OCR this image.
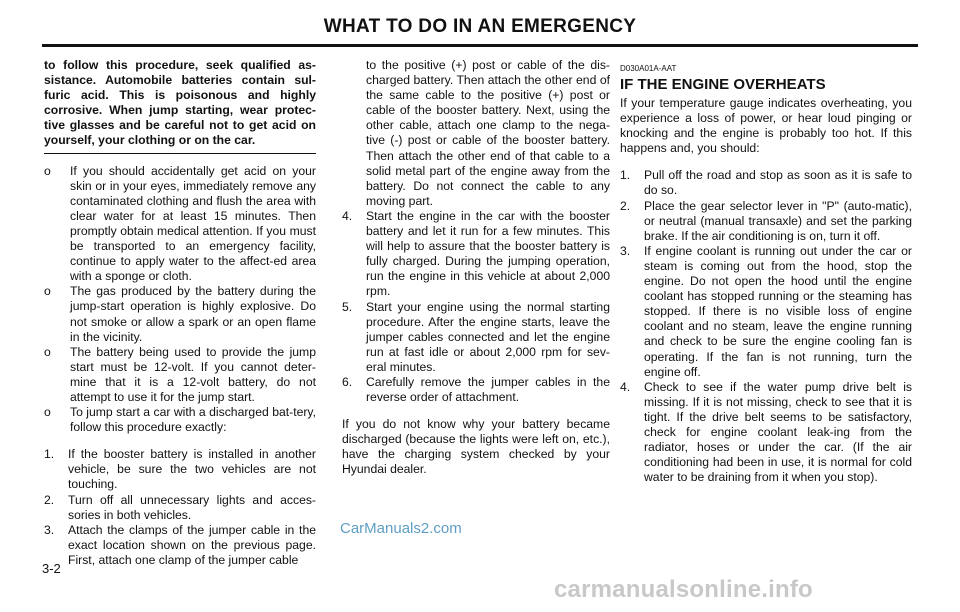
WHAT TO DO IN AN EMERGENCY
to follow this procedure, seek qualified as-sistance. Automobile batteries contain sul-furic acid. This is poisonous and highly corrosive. When jump starting, wear protec-tive glasses and be careful not to get acid on yourself, your clothing or on the car.
o	If you should accidentally get acid on your skin or in your eyes, immediately remove any contaminated clothing and flush the area with clear water for at least 15 minutes. Then promptly obtain medical attention. If you must be transported to an emergency facility, continue to apply water to the affect-ed area with a sponge or cloth.
o	The gas produced by the battery during the jump-start operation is highly explosive. Do not smoke or allow a spark or an open flame in the vicinity.
o	The battery being used to provide the jump start must be 12-volt. If you cannot deter-mine that it is a 12-volt battery, do not attempt to use it for the jump start.
o	To jump start a car with a discharged bat-tery, follow this procedure exactly:
1.	If the booster battery is installed in another vehicle, be sure the two vehicles are not touching.
2.	Turn off all unnecessary lights and acces-sories in both vehicles.
3.	Attach the clamps of the jumper cable in the exact location shown on the previous page. First, attach one clamp of the jumper cable

to the positive (+) post or cable of the dis-charged battery. Then attach the other end of the same cable to the positive (+) post or cable of the booster battery. Next, using the other cable, attach one clamp to the nega-tive (-) post or cable of the booster battery. Then attach the other end of that cable to a solid metal part of the engine away from the battery. Do not connect the cable to any moving part.

4.	Start the engine in the car with the booster battery and let it run for a few minutes. This will help to assure that the booster battery is fully charged. During the jumping operation, run the engine in this vehicle at about 2,000 rpm.
5.	Start your engine using the normal starting procedure. After the engine starts, leave the jumper cables connected and let the engine run at fast idle or about 2,000 rpm for sev-eral minutes.
6.	Carefully remove the jumper cables in the reverse order of attachment.

If you do not know why your battery became discharged (because the lights were left on, etc.), have the charging system checked by your Hyundai dealer.

D030A01A-AAT
IF THE ENGINE OVERHEATS

If your temperature gauge indicates overheating, you experience a loss of power, or hear loud pinging or knocking and the engine is probably too hot. If this happens and, you should:

1.	Pull off the road and stop as soon as it is safe to do so.
2.	Place the gear selector lever in "P" (auto-matic), or neutral (manual transaxle) and set the parking brake. If the air conditioning is on, turn it off.
3.	If engine coolant is running out under the car or steam is coming out from the hood, stop the engine. Do not open the hood until the engine coolant has stopped running or the steaming has stopped. If there is no visible loss of engine coolant and no steam, leave the engine running and check to be sure the engine cooling fan is operating. If the fan is not running, turn the engine off.
4.	Check to see if the water pump drive belt is missing. If it is not missing, check to see that it is tight. If the drive belt seems to be satisfactory, check for engine coolant leak-ing from the radiator, hoses or under the car. (If the air conditioning had been in use, it is normal for cold water to be draining from it when you stop).
3-2
CarManuals2.com
carmanualsonline.info
